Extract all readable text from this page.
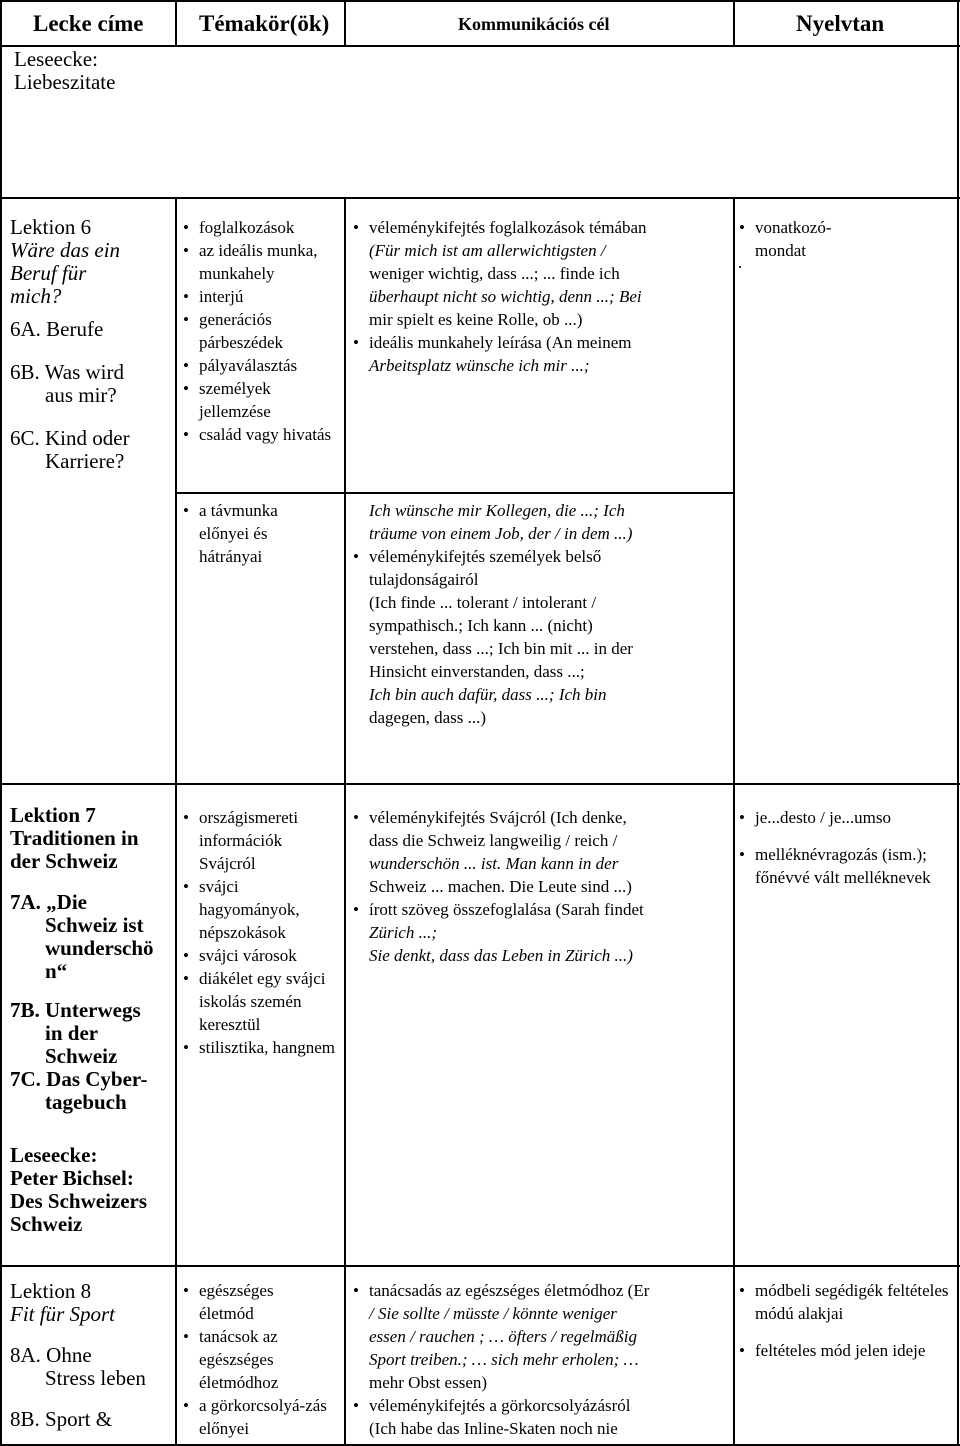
Lecke címe Témakör(ök)	Kommunikációs cél	Nyelvtan
Leseecke:
Liebeszitate
Lektion 6
Wäre das ein
Beruf für
mich?
6A. Berufe
6B. Was wird
aus mir?
6C. Kind oder
Karriere?
• foglalkozások
• az ideális munka, munkahely
• interjú
• generációs párbeszédek
• pályaválasztás
• személyek jellemzése
• család vagy hivatás
• a távmunka előnyei és hátrányai
• véleménykifejtés foglalkozások témában
(Für mich ist am allerwichtigsten /
weniger wichtig, dass ...; ... finde ich
überhaupt nicht so wichtig, denn ...; Bei
mir spielt es keine Rolle, ob ...)
• ideális munkahely leírása (An meinem
Arbeitsplatz wünsche ich mir ...;
Ich wünsche mir Kollegen, die ...; Ich
träume von einem Job, der / in dem ...)
• véleménykifejtés személyek belső
tulajdonságairól
(Ich finde ... tolerant / intolerant /
sympathisch.; Ich kann ... (nicht)
verstehen, dass ...; Ich bin mit ... in der
Hinsicht einverstanden, dass ...;
Ich bin auch dafür, dass ...; Ich bin
dagegen, dass ...)
• vonatkozó-
mondat
.
Lektion 7
Traditionen in
der Schweiz
7A. „Die
Schweiz ist
wunderschö
n“
7B. Unterwegs
in der
Schweiz
7C. Das Cyber-
tagebuch
Leseecke:
Peter Bichsel:
Des Schweizers
Schweiz
• országismereti információk Svájcról
• svájci hagyományok, népszokások
• svájci városok
• diákélet egy svájci iskolás szemén keresztül
• stilisztika, hangnem
• véleménykifejtés Svájcról (Ich denke,
dass die Schweiz langweilig / reich /
wunderschön ... ist. Man kann in der
Schweiz ... machen. Die Leute sind ...)
• írott szöveg összefoglalása (Sarah findet
Zürich ...;
Sie denkt, dass das Leben in Zürich ...)
• je...desto / je...umso
• melléknévragozás (ism.); főnévvé vált melléknevek
Lektion 8
Fit für Sport
8A. Ohne
Stress leben
8B. Sport &
• egészséges életmód
• tanácsok az egészséges életmódhoz
• a görkorcsolyá-zás előnyei
• tanácsadás az egészséges életmódhoz (Er
/ Sie sollte / müsste / könnte weniger
essen / rauchen ; … öfters / regelmäßig
Sport treiben.; … sich mehr erholen; …
mehr Obst essen)
• véleménykifejtés a görkorcsolyázásról
(Ich habe das Inline-Skaten noch nie
• módbeli segédigék feltételes módú alakjai
• feltételes mód jelen ideje
